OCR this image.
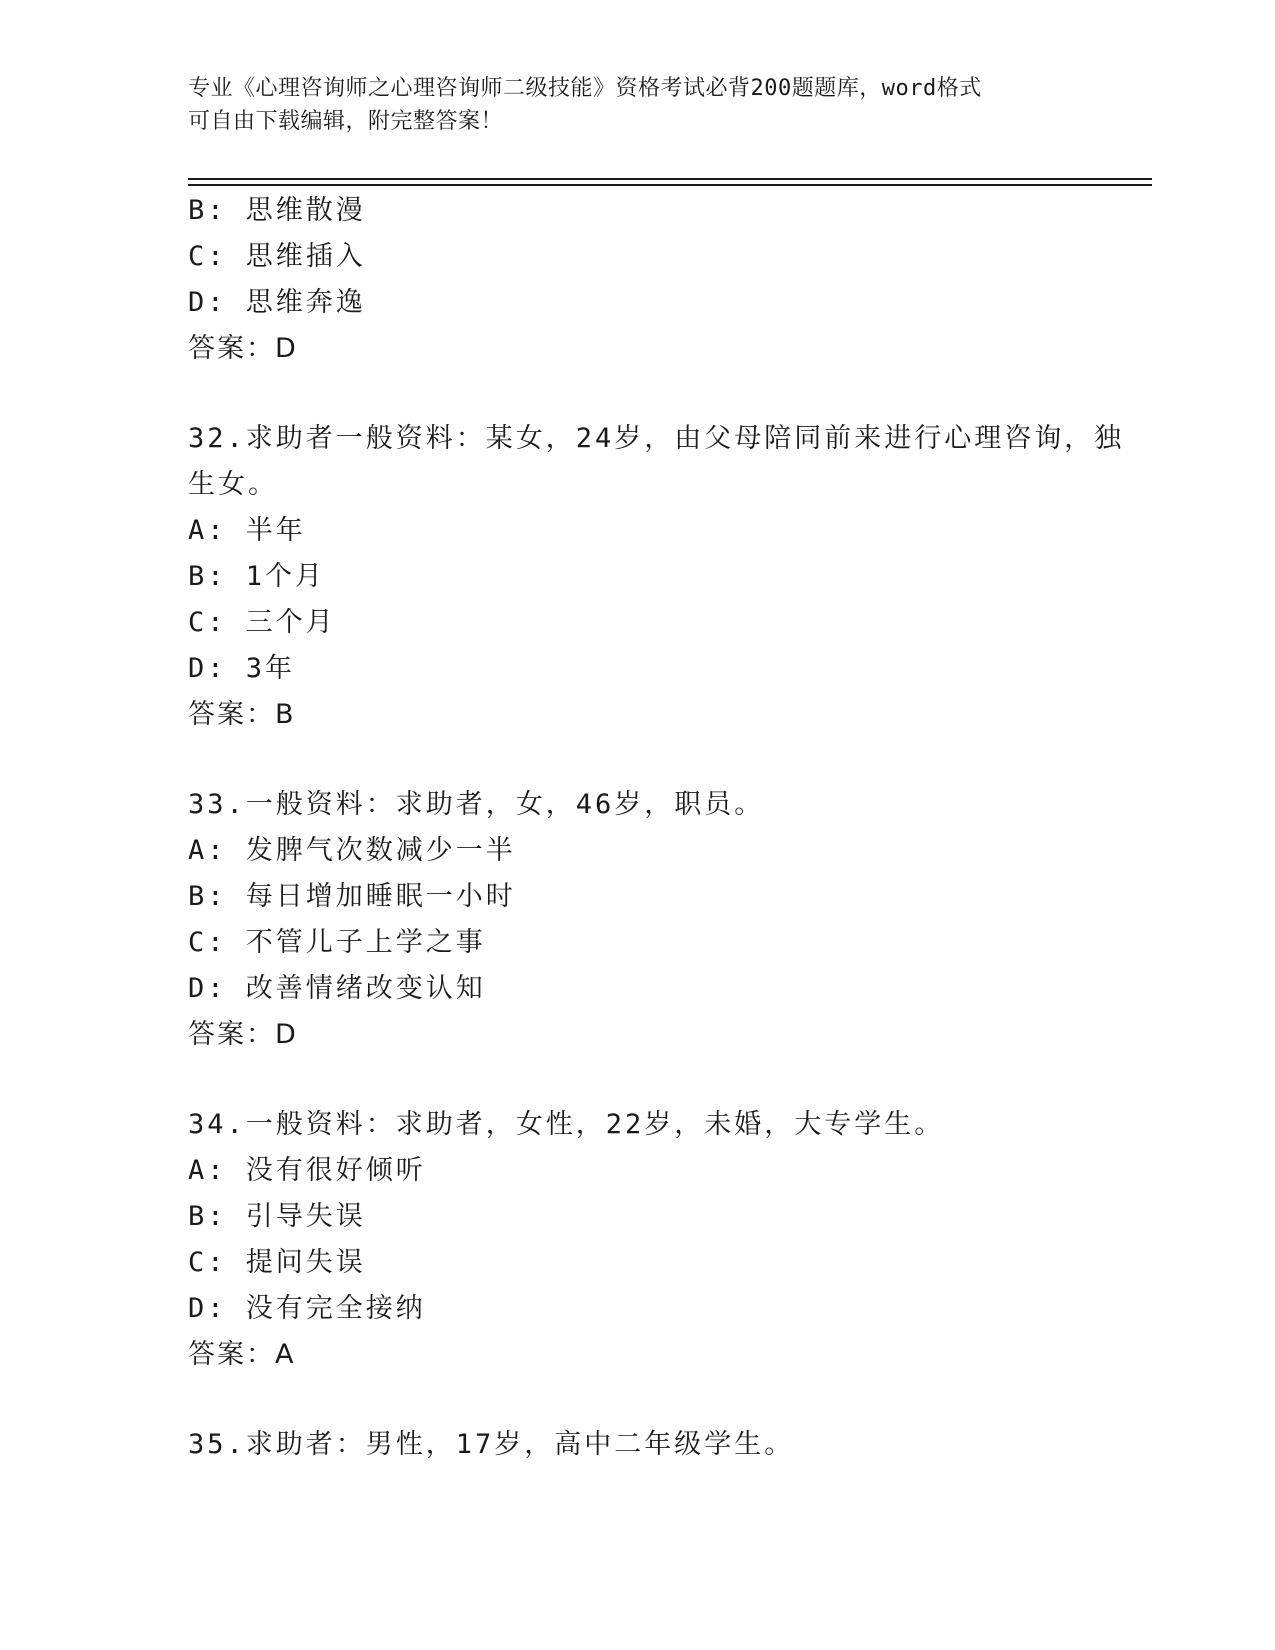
专业《心理咨询师之心理咨询师二级技能》资格考试必背200题题库，word格式
可自由下载编辑，附完整答案！
B: 思维散漫
C: 思维插入
D: 思维奔逸
答案：D
32.求助者一般资料：某女，24岁，由父母陪同前来进行心理咨询，独
生女。
A: 半年
B: 1个月
C: 三个月
D: 3年
答案：B
33.一般资料：求助者，女，46岁，职员。
A: 发脾气次数减少一半
B: 每日增加睡眠一小时
C: 不管儿子上学之事
D: 改善情绪改变认知
答案：D
34.一般资料：求助者，女性，22岁，未婚，大专学生。
A: 没有很好倾听
B: 引导失误
C: 提问失误
D: 没有完全接纳
答案：A
35.求助者：男性，17岁，高中二年级学生。
